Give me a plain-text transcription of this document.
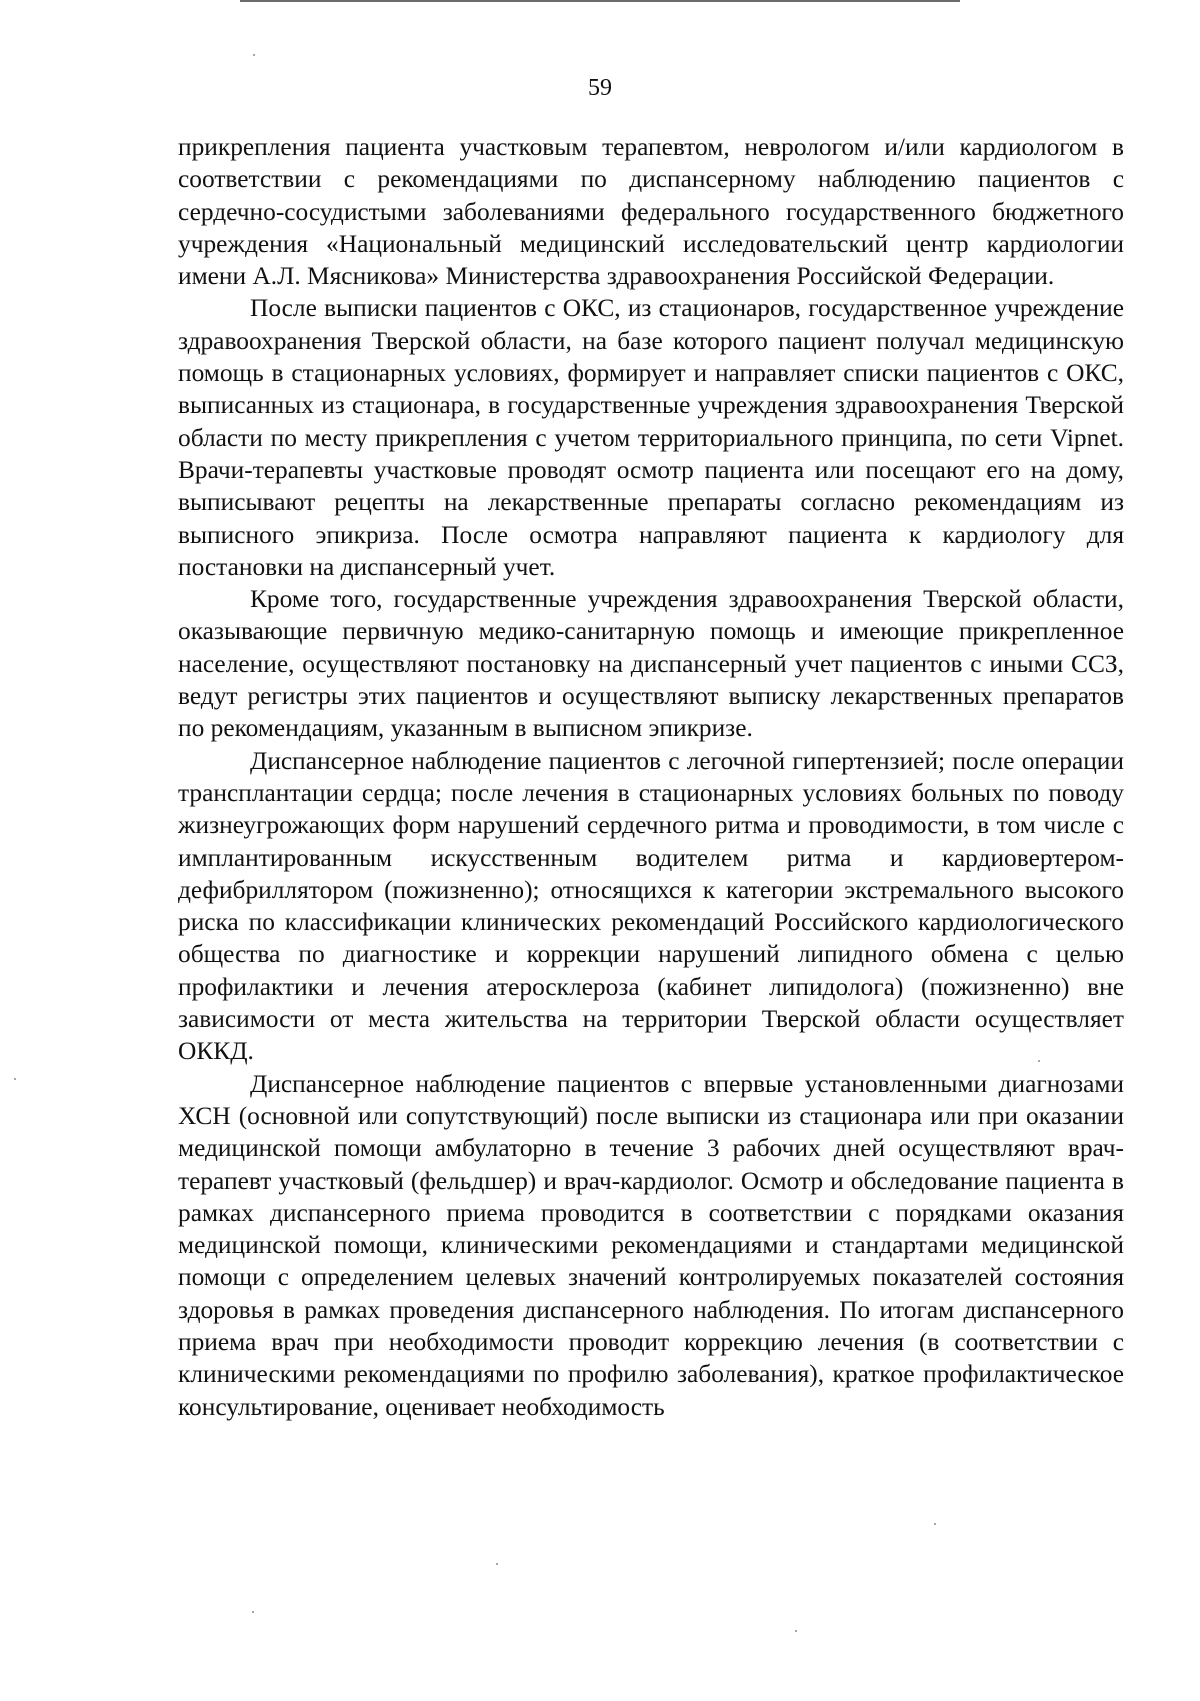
59

прикрепления пациента участковым терапевтом, неврологом и/или кардиологом в соответствии с рекомендациями по диспансерному наблюдению пациентов с сердечно-сосудистыми заболеваниями федерального государственного бюджетного учреждения «Национальный медицинский исследовательский центр кардиологии имени А.Л. Мясникова» Министерства здравоохранения Российской Федерации.

После выписки пациентов с ОКС, из стационаров, государственное учреждение здравоохранения Тверской области, на базе которого пациент получал медицинскую помощь в стационарных условиях, формирует и направляет списки пациентов с ОКС, выписанных из стационара, в государственные учреждения здравоохранения Тверской области по месту прикрепления с учетом территориального принципа, по сети Vipnet. Врачи-терапевты участковые проводят осмотр пациента или посещают его на дому, выписывают рецепты на лекарственные препараты согласно рекомендациям из выписного эпикриза. После осмотра направляют пациента к кардиологу для постановки на диспансерный учет.

Кроме того, государственные учреждения здравоохранения Тверской области, оказывающие первичную медико-санитарную помощь и имеющие прикрепленное население, осуществляют постановку на диспансерный учет пациентов с иными ССЗ, ведут регистры этих пациентов и осуществляют выписку лекарственных препаратов по рекомендациям, указанным в выписном эпикризе.

Диспансерное наблюдение пациентов с легочной гипертензией; после операции трансплантации сердца; после лечения в стационарных условиях больных по поводу жизнеугрожающих форм нарушений сердечного ритма и проводимости, в том числе с имплантированным искусственным водителем ритма и кардиовертером-дефибриллятором (пожизненно); относящихся к категории экстремального высокого риска по классификации клинических рекомендаций Российского кардиологического общества по диагностике и коррекции нарушений липидного обмена с целью профилактики и лечения атеросклероза (кабинет липидолога) (пожизненно) вне зависимости от места жительства на территории Тверской области осуществляет ОККД.

Диспансерное наблюдение пациентов с впервые установленными диагнозами ХСН (основной или сопутствующий) после выписки из стационара или при оказании медицинской помощи амбулаторно в течение 3 рабочих дней осуществляют врач-терапевт участковый (фельдшер) и врач-кардиолог. Осмотр и обследование пациента в рамках диспансерного приема проводится в соответствии с порядками оказания медицинской помощи, клиническими рекомендациями и стандартами медицинской помощи с определением целевых значений контролируемых показателей состояния здоровья в рамках проведения диспансерного наблюдения. По итогам диспансерного приема врач при необходимости проводит коррекцию лечения (в соответствии с клиническими рекомендациями по профилю заболевания), краткое профилактическое консультирование, оценивает необходимость
